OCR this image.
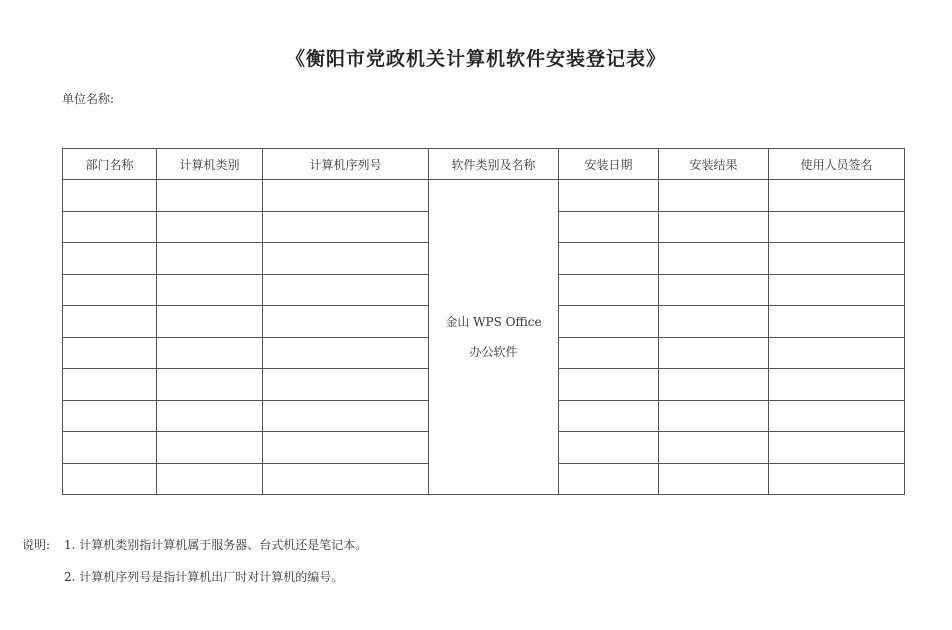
《衡阳市党政机关计算机软件安装登记表》
单位名称:
部门名称	计算机类别	计算机序列号	软件类别及名称	安装日期	安装结果	使用人员签名

			金山 WPS Office
办公软件			

说明: 1. 计算机类别指计算机属于服务器、台式机还是笔记本。
2. 计算机序列号是指计算机出厂时对计算机的编号。
